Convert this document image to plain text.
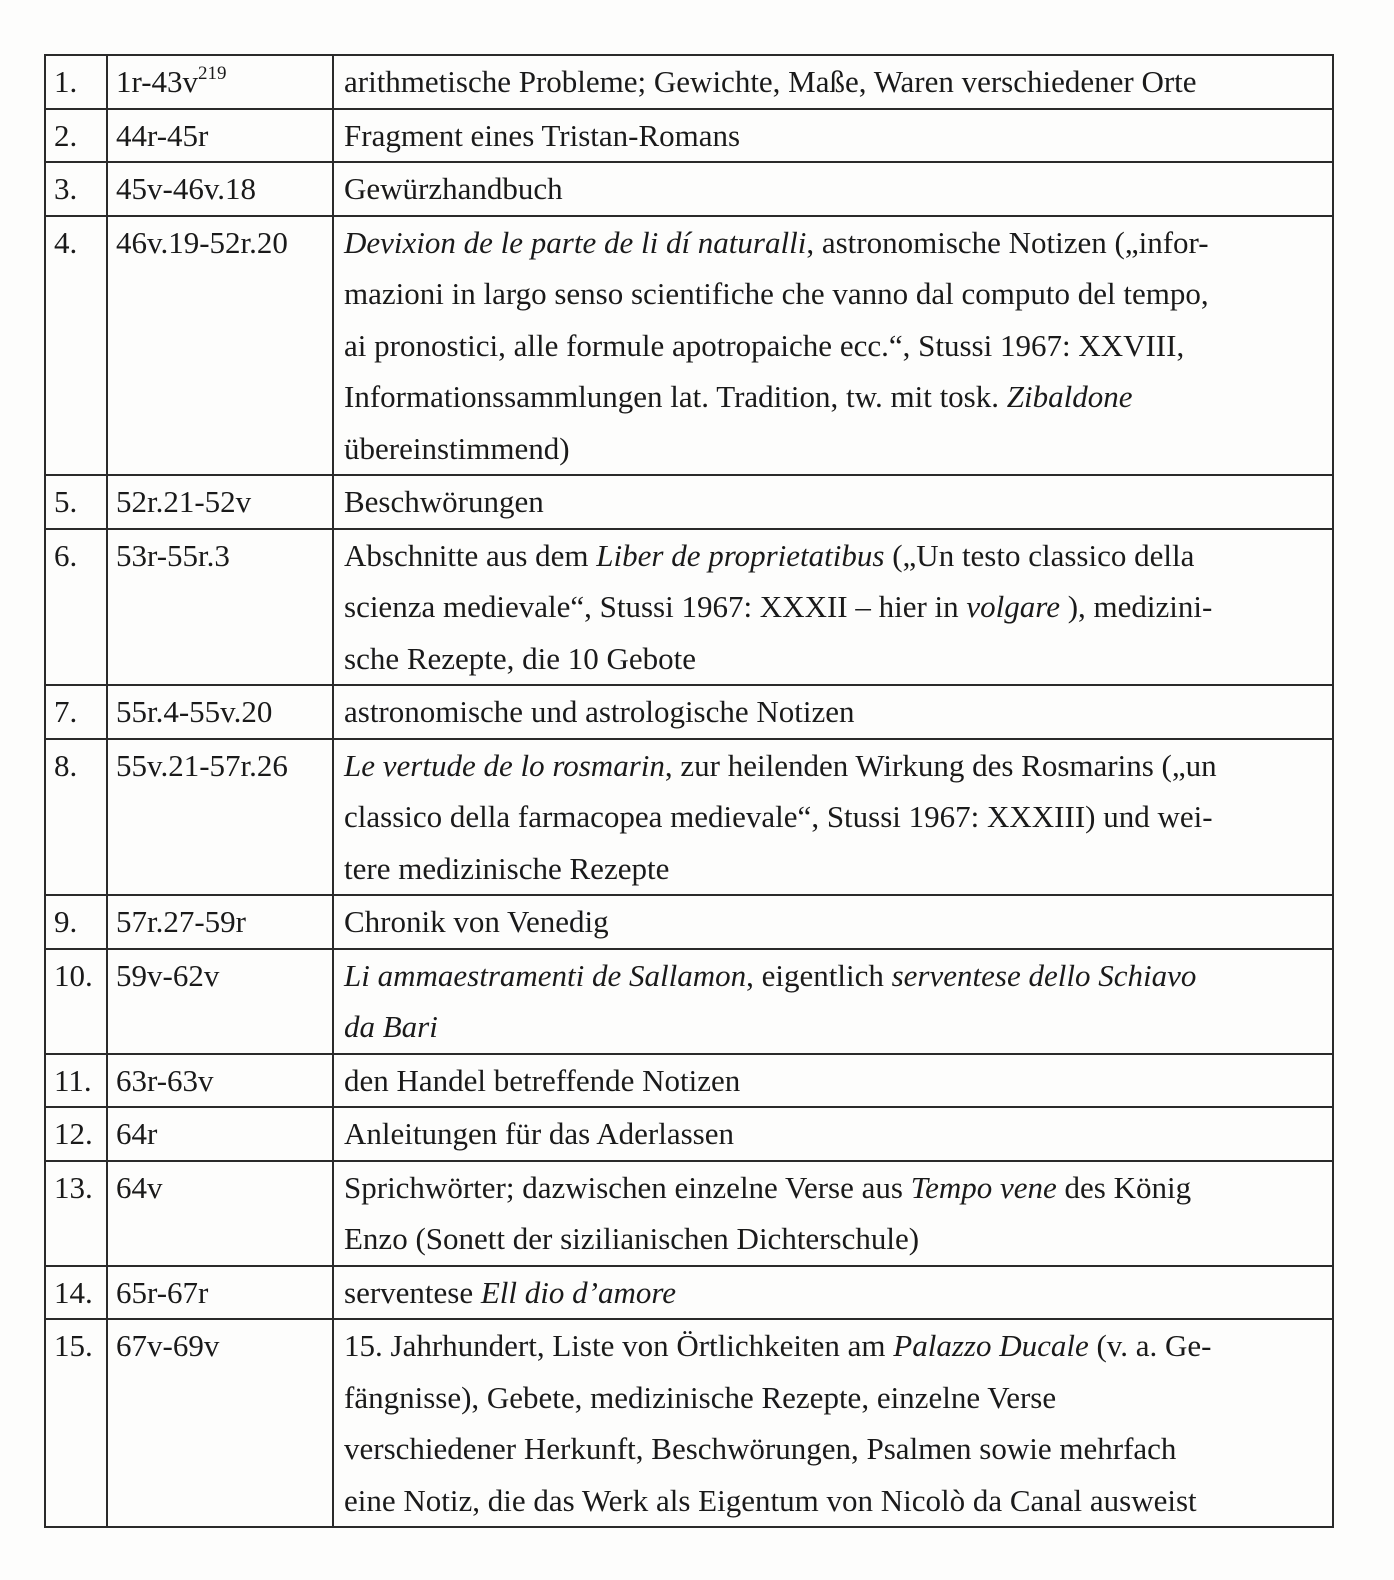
1.	$1r-43v^{219}$	arithmetische Probleme; Gewichte, Maße, Waren verschiedener Orte
2.	44r-45r	Fragment eines Tristan-Romans
3.	45v-46v.18	Gewürzhandbuch
4.	46v.19-52r.20	Devixion de le parte de li dí naturalli, astronomische Notizen („infor-
mazioni in largo senso scientifiche che vanno dal computo del tempo,
ai pronostici, alle formule apotropaiche ecc.“, Stussi 1967: XXVIII,
Informationssammlungen lat. Tradition, tw. mit tosk. Zibaldone
übereinstimmend)
5.	52r.21-52v	Beschwörungen
6.	53r-55r.3	Abschnitte aus dem Liber de proprietatibus („Un testo classico della
scienza medievale“, Stussi 1967: XXXII – hier in volgare ), medizini-
sche Rezepte, die 10 Gebote
7.	55r.4-55v.20	astronomische und astrologische Notizen
8.	55v.21-57r.26	Le vertude de lo rosmarin, zur heilenden Wirkung des Rosmarins („un
classico della farmacopea medievale“, Stussi 1967: XXXIII) und wei-
tere medizinische Rezepte
9.	57r.27-59r	Chronik von Venedig
10.	59v-62v	Li ammaestramenti de Sallamon, eigentlich serventese dello Schiavo
da Bari
11.	63r-63v	den Handel betreffende Notizen
12.	64r	Anleitungen für das Aderlassen
13.	64v	Sprichwörter; dazwischen einzelne Verse aus Tempo vene des König
Enzo (Sonett der sizilianischen Dichterschule)
14.	65r-67r	serventese Ell dio d’amore
15.	67v-69v	15. Jahrhundert, Liste von Örtlichkeiten am Palazzo Ducale (v. a. Ge-
fängnisse), Gebete, medizinische Rezepte, einzelne Verse
verschiedener Herkunft, Beschwörungen, Psalmen sowie mehrfach
eine Notiz, die das Werk als Eigentum von Nicolò da Canal ausweist
